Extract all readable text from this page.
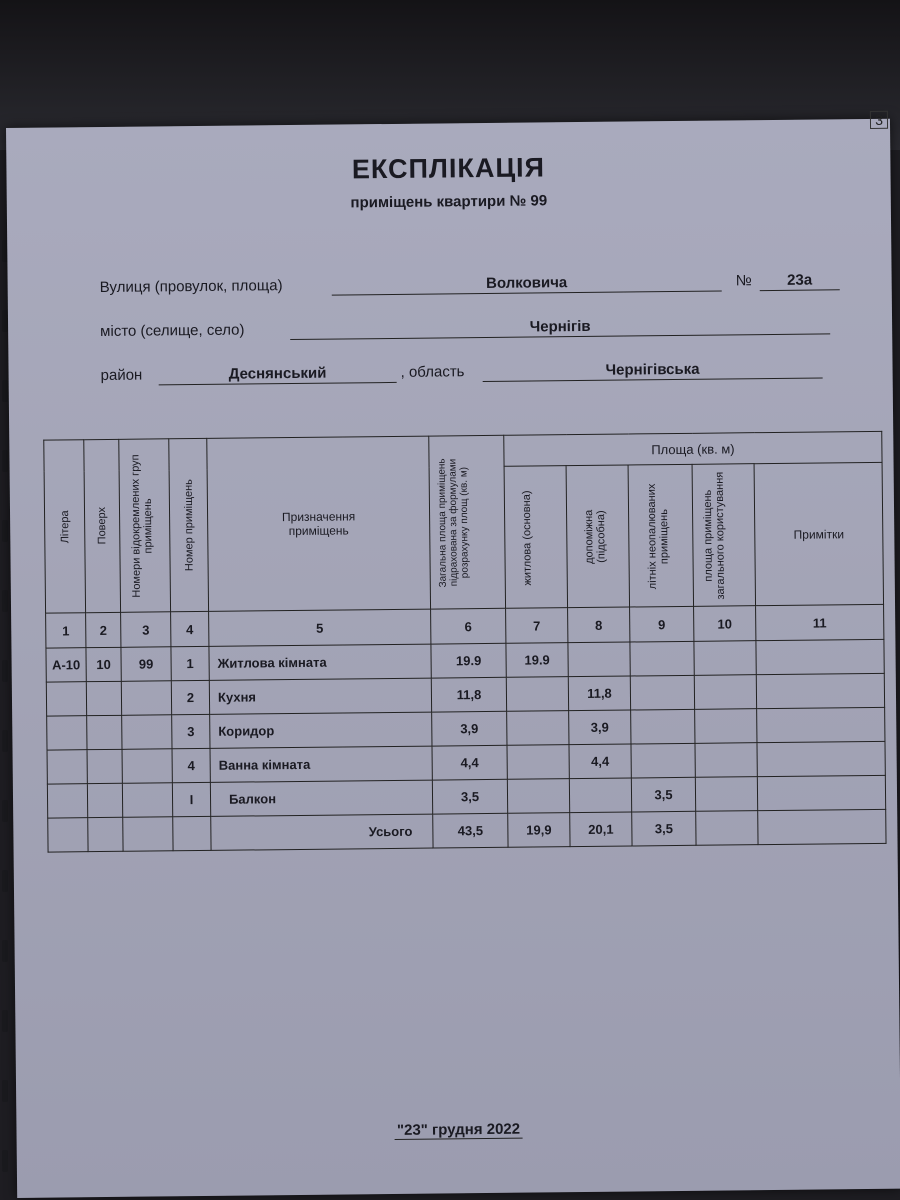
3
ЕКСПЛІКАЦІЯ
приміщень квартири № 99
Вулиця (провулок, площа)	Волковича	№	23а
місто (селище, село)	Чернігів
район	Деснянський	, область	Чернігівська
Літера	Поверх	Номери відокремлених груп приміщень	Номер приміщень	Призначення приміщень	Загальна площа приміщень підрахована за формулами розрахунку площ (кв. м)	Площа (кв. м)				

						житлова (основна)	допоміжна (підсобна)	літніх неопалюваних приміщень	площа приміщень загального користування	Примітки
1	2	3	4	5	6	7	8	9	10	11
А-10	10	99	1	Житлова кімната	19.9	19.9				
			2	Кухня	11,8		11,8			
			3	Коридор	3,9		3,9			
			4	Ванна кімната	4,4		4,4			
			I	Балкон	3,5			3,5		
				Усього	43,5	19,9	20,1	3,5		
"23" грудня 2022
